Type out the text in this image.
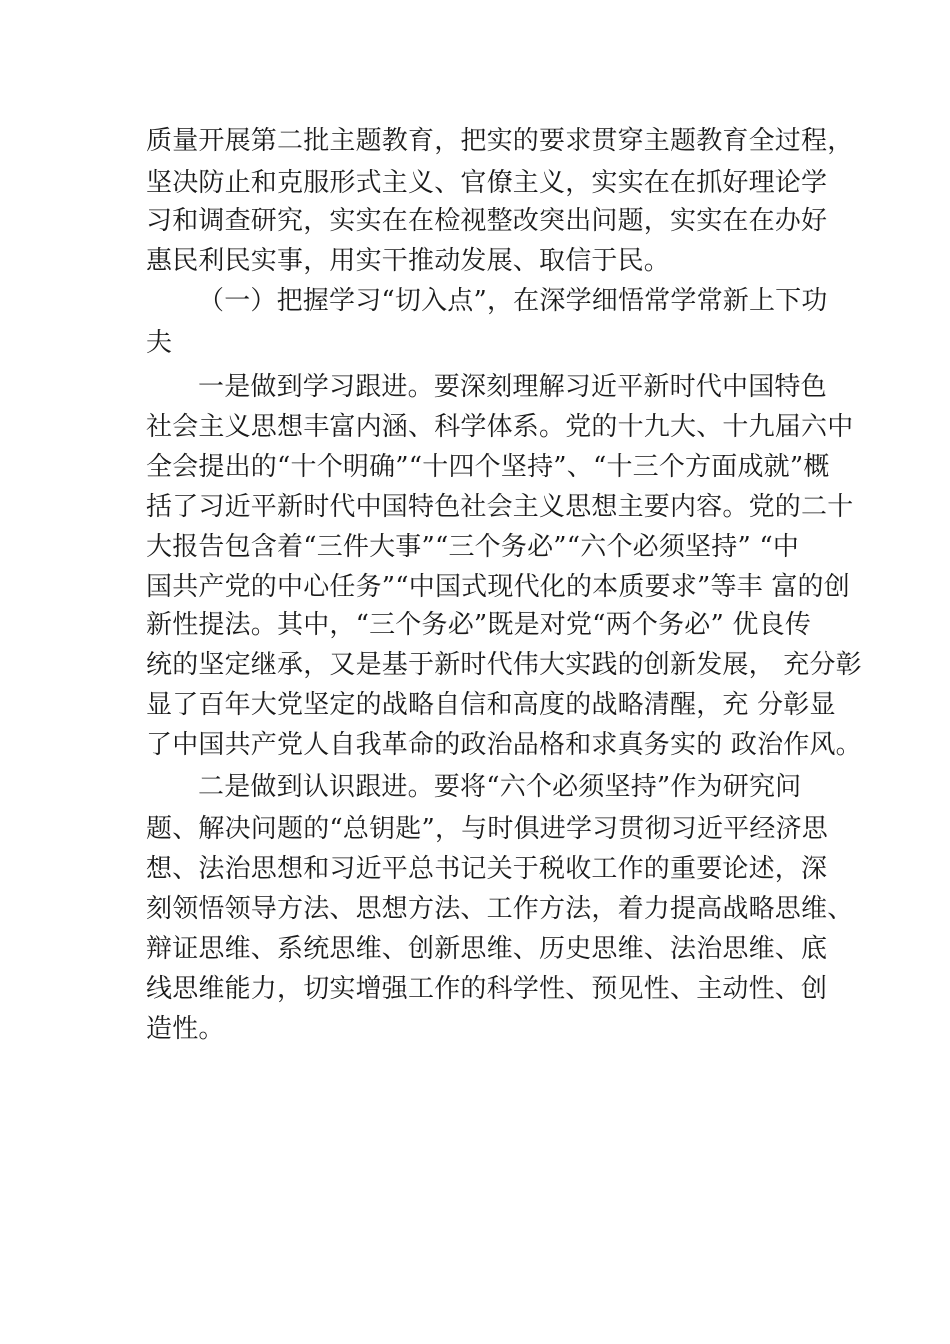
质量开展第二批主题教育，把实的要求贯穿主题教育全过程，
坚决防止和克服形式主义、官僚主义，实实在在抓好理论学
习和调查研究，实实在在检视整改突出问题，实实在在办好
惠民利民实事，用实干推动发展、取信于民。
（一）把握学习“切入点”，在深学细悟常学常新上下功
夫
一是做到学习跟进。要深刻理解习近平新时代中国特色
社会主义思想丰富内涵、科学体系。党的十九大、十九届六中
全会提出的“十个明确”“十四个坚持”、“十三个方面成就”概
括了习近平新时代中国特色社会主义思想主要内容。党的二十
大报告包含着“三件大事”“三个务必”“六个必须坚持” “中
国共产党的中心任务”“中国式现代化的本质要求”等丰 富的创
新性提法。其中，“三个务必”既是对党“两个务必” 优良传
统的坚定继承，又是基于新时代伟大实践的创新发展， 充分彰
显了百年大党坚定的战略自信和高度的战略清醒，充 分彰显
了中国共产党人自我革命的政治品格和求真务实的 政治作风。
二是做到认识跟进。要将“六个必须坚持”作为研究问
题、解决问题的“总钥匙”，与时俱进学习贯彻习近平经济思
想、法治思想和习近平总书记关于税收工作的重要论述，深
刻领悟领导方法、思想方法、工作方法，着力提高战略思维、
辩证思维、系统思维、创新思维、历史思维、法治思维、底
线思维能力，切实增强工作的科学性、预见性、主动性、创
造性。
